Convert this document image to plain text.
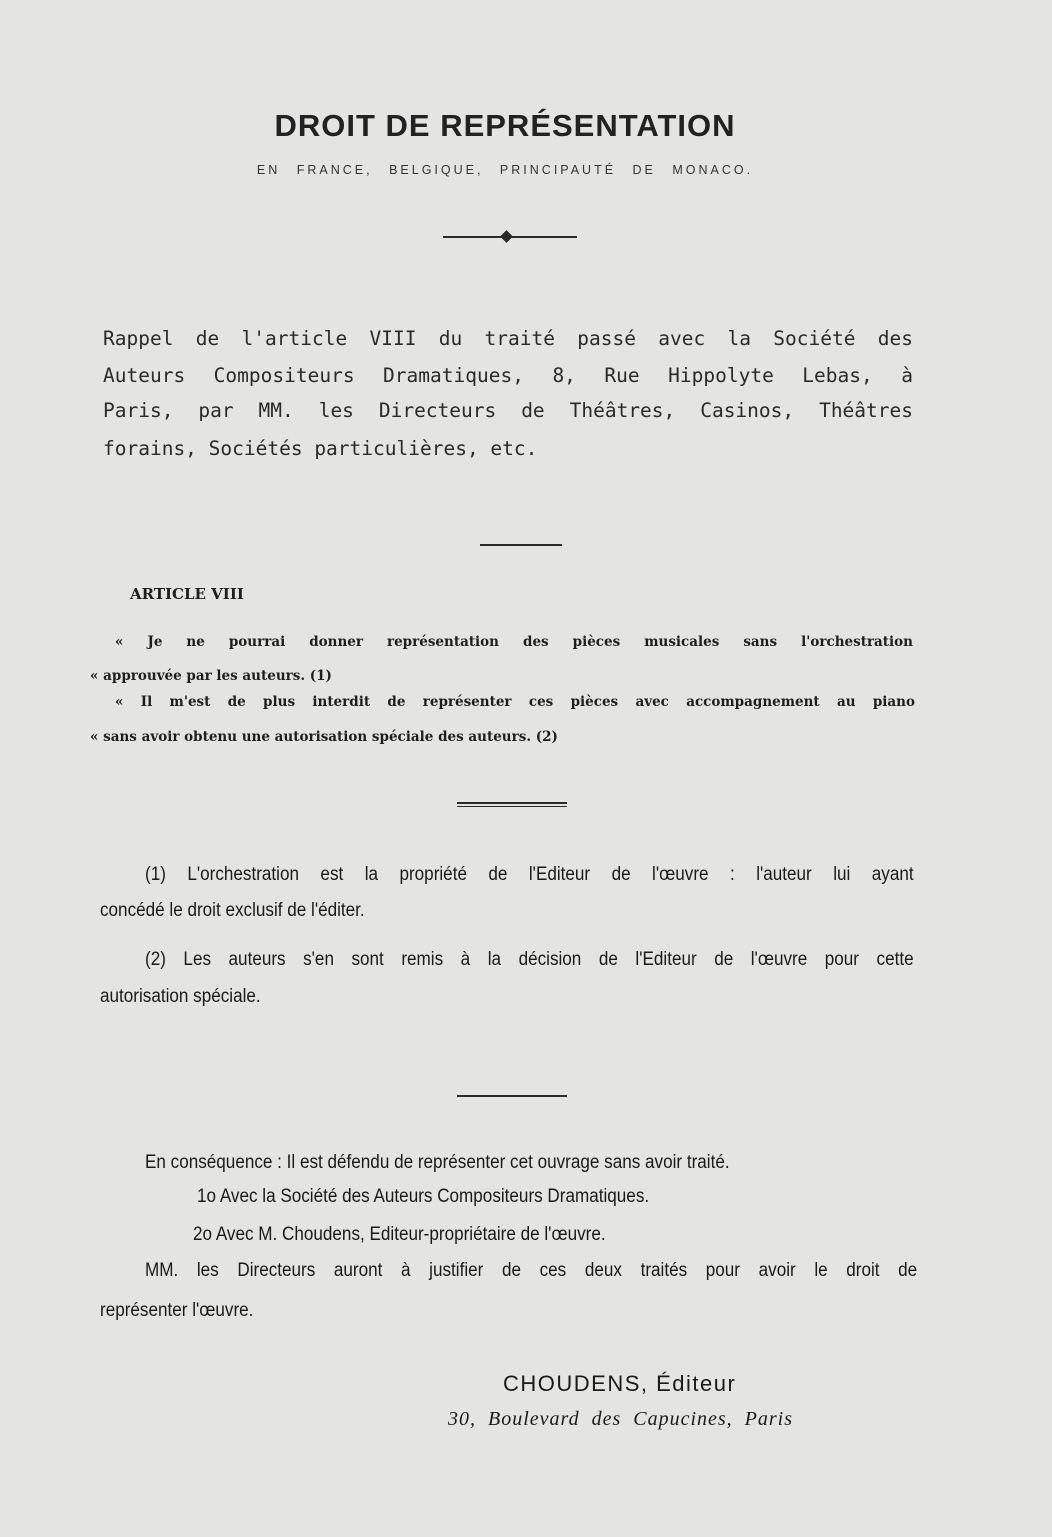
DROIT DE REPRÉSENTATION
EN FRANCE, BELGIQUE, PRINCIPAUTÉ DE MONACO.
Rappel de l'article VIII du traité passé avec la Société des
Auteurs Compositeurs Dramatiques, 8, Rue Hippolyte Lebas, à
Paris, par MM. les Directeurs de Théâtres, Casinos, Théâtres
forains, Sociétés particulières, etc.
ARTICLE VIII
« Je ne pourrai donner représentation des pièces musicales sans l'orchestration
« approuvée par les auteurs. (1)
« Il m'est de plus interdit de représenter ces pièces avec accompagnement au piano
« sans avoir obtenu une autorisation spéciale des auteurs. (2)
(1) L'orchestration est la propriété de l'Editeur de l'œuvre : l'auteur lui ayant
concédé le droit exclusif de l'éditer.
(2) Les auteurs s'en sont remis à la décision de l'Editeur de l'œuvre pour cette
autorisation spéciale.
En conséquence : Il est défendu de représenter cet ouvrage sans avoir traité.
1o Avec la Société des Auteurs Compositeurs Dramatiques.
2o Avec M. Choudens, Editeur-propriétaire de l'œuvre.
MM. les Directeurs auront à justifier de ces deux traités pour avoir le droit de
représenter l'œuvre.
CHOUDENS, Éditeur
30, Boulevard des Capucines, Paris
